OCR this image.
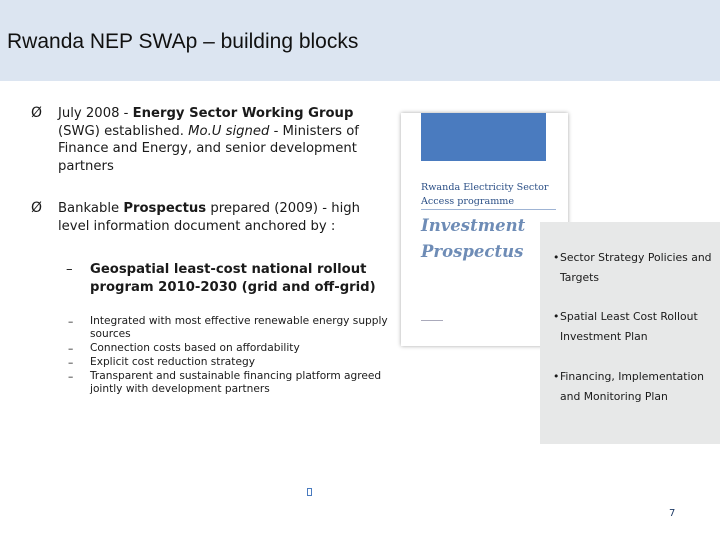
Rwanda NEP SWAp – building blocks
Ø July 2008 - Energy Sector Working Group (SWG) established. Mo.U signed - Ministers of Finance and Energy, and senior development partners
Ø Bankable Prospectus prepared (2009) - high level information document anchored by :
– Geospatial least-cost national rollout program 2010-2030 (grid and off-grid)
– Integrated with most effective renewable energy supply sources
– Connection costs based on affordability
– Explicit cost reduction strategy
– Transparent and sustainable financing platform agreed jointly with development partners
Rwanda Electricity Sector
Access programme
Investment
Prospectus	• Sector Strategy Policies and Targets
• Spatial Least Cost Rollout Investment Plan
• Financing, Implementation and Monitoring Plan
7
